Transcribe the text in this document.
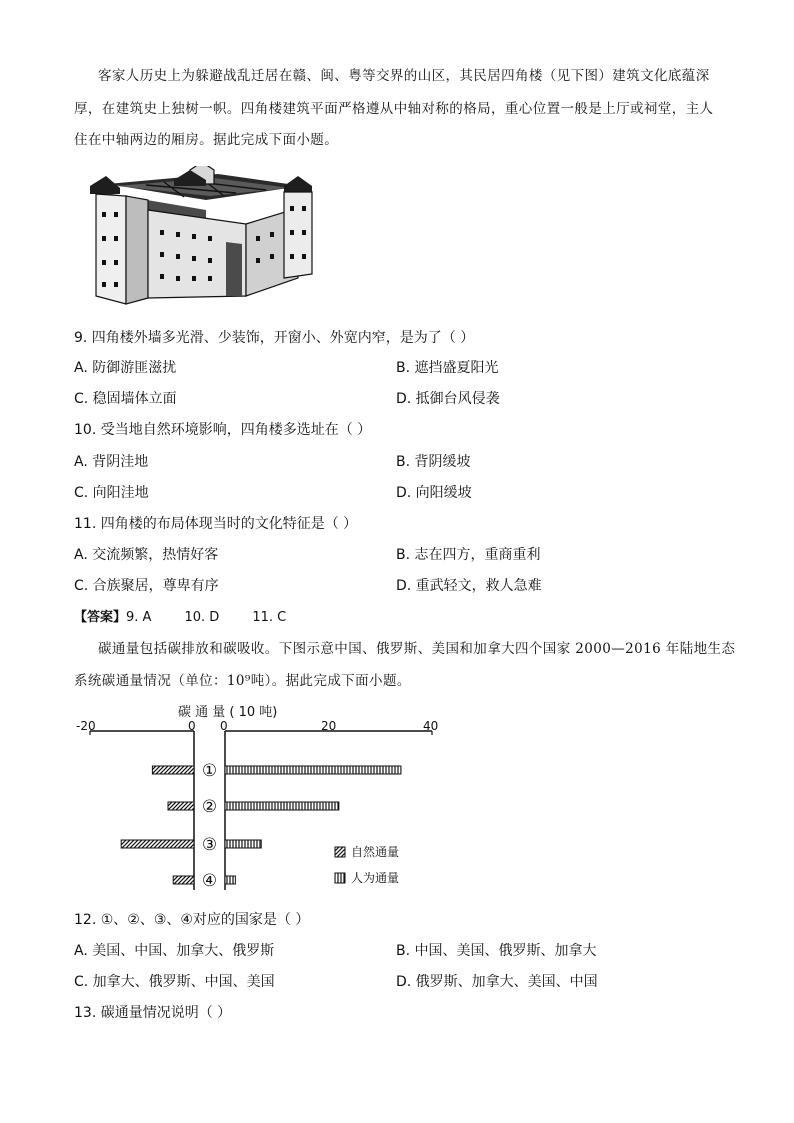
客家人历史上为躲避战乱迁居在赣、闽、粤等交界的山区，其民居四角楼（见下图）建筑文化底蕴深
厚，在建筑史上独树一帜。四角楼建筑平面严格遵从中轴对称的格局，重心位置一般是上厅或祠堂，主人
住在中轴两边的厢房。据此完成下面小题。
9. 四角楼外墙多光滑、少装饰，开窗小、外宽内窄，是为了（ ）
A. 防御游匪滋扰	B. 遮挡盛夏阳光
C. 稳固墙体立面	D. 抵御台风侵袭
10. 受当地自然环境影响，四角楼多选址在（ ）
A. 背阴洼地	B. 背阴缓坡
C. 向阳洼地	D. 向阳缓坡
11. 四角楼的布局体现当时的文化特征是（ ）
A. 交流频繁，热情好客	B. 志在四方，重商重利
C. 合族聚居，尊卑有序	D. 重武轻文，救人急难
【答案】9. A        10. D        11. C
碳通量包括碳排放和碳吸收。下图示意中国、俄罗斯、美国和加拿大四个国家 2000—2016 年陆地生态
系统碳通量情况（单位：10⁹吨）。据此完成下面小题。
碳 通 量 ( 10 吨)
-20	0 0	20	40
①
②
③
④
自然通量
人为通量
12. ①、②、③、④对应的国家是（ ）
A. 美国、中国、加拿大、俄罗斯	B. 中国、美国、俄罗斯、加拿大
C. 加拿大、俄罗斯、中国、美国	D. 俄罗斯、加拿大、美国、中国
13. 碳通量情况说明（ ）
